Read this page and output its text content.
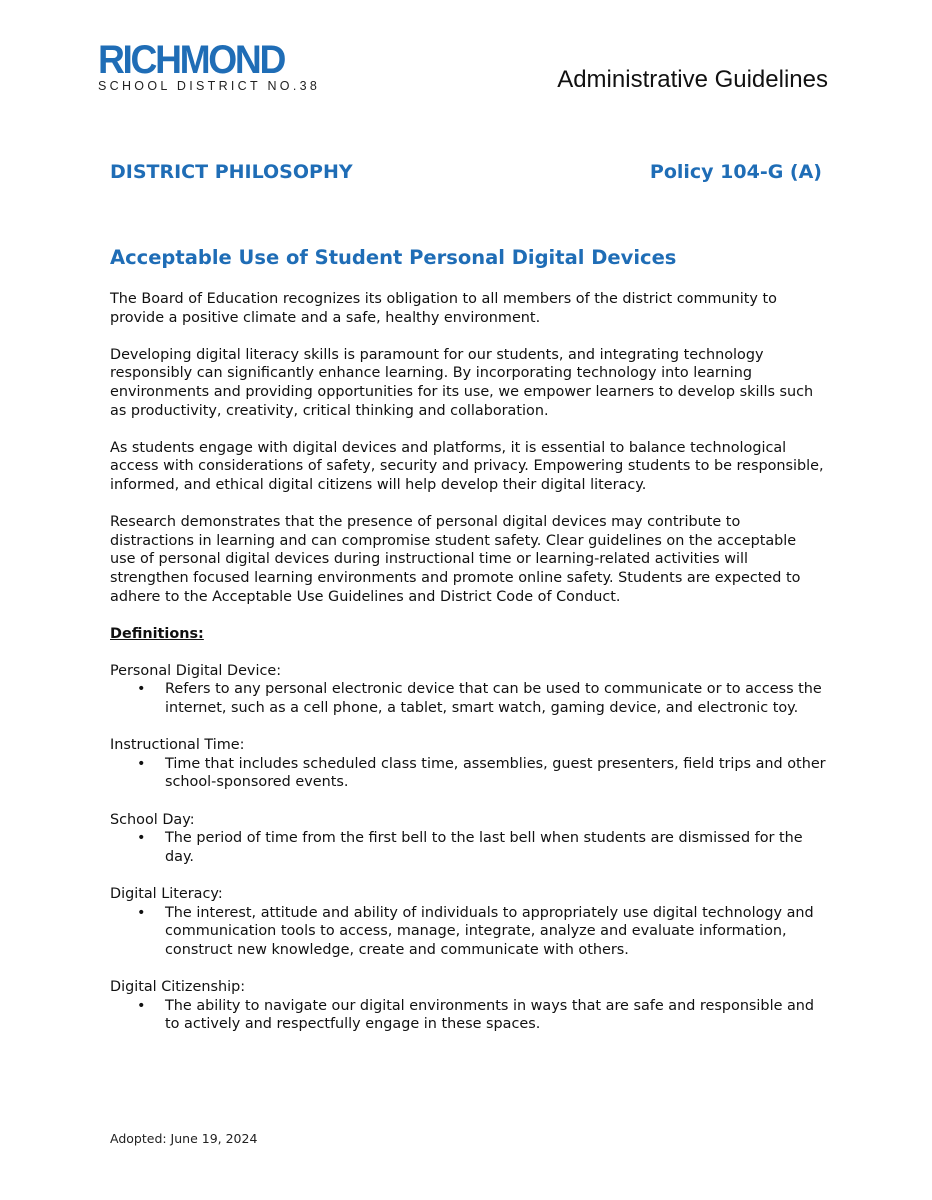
RICHMOND
SCHOOL DISTRICT NO.38	Administrative Guidelines
DISTRICT PHILOSOPHY	Policy 104-G (A)
Acceptable Use of Student Personal Digital Devices

The Board of Education recognizes its obligation to all members of the district community to provide a positive climate and a safe, healthy environment.

Developing digital literacy skills is paramount for our students, and integrating technology responsibly can significantly enhance learning. By incorporating technology into learning environments and providing opportunities for its use, we empower learners to develop skills such as productivity, creativity, critical thinking and collaboration.

As students engage with digital devices and platforms, it is essential to balance technological access with considerations of safety, security and privacy. Empowering students to be responsible, informed, and ethical digital citizens will help develop their digital literacy.

Research demonstrates that the presence of personal digital devices may contribute to distractions in learning and can compromise student safety. Clear guidelines on the acceptable use of personal digital devices during instructional time or learning-related activities will strengthen focused learning environments and promote online safety. Students are expected to adhere to the Acceptable Use Guidelines and District Code of Conduct.

Definitions:
Personal Digital Device:
• Refers to any personal electronic device that can be used to communicate or to access the internet, such as a cell phone, a tablet, smart watch, gaming device, and electronic toy.
Instructional Time:
• Time that includes scheduled class time, assemblies, guest presenters, field trips and other school-sponsored events.
School Day:
• The period of time from the first bell to the last bell when students are dismissed for the day.
Digital Literacy:
• The interest, attitude and ability of individuals to appropriately use digital technology and communication tools to access, manage, integrate, analyze and evaluate information, construct new knowledge, create and communicate with others.
Digital Citizenship:
• The ability to navigate our digital environments in ways that are safe and responsible and to actively and respectfully engage in these spaces.
Adopted: June 19, 2024
